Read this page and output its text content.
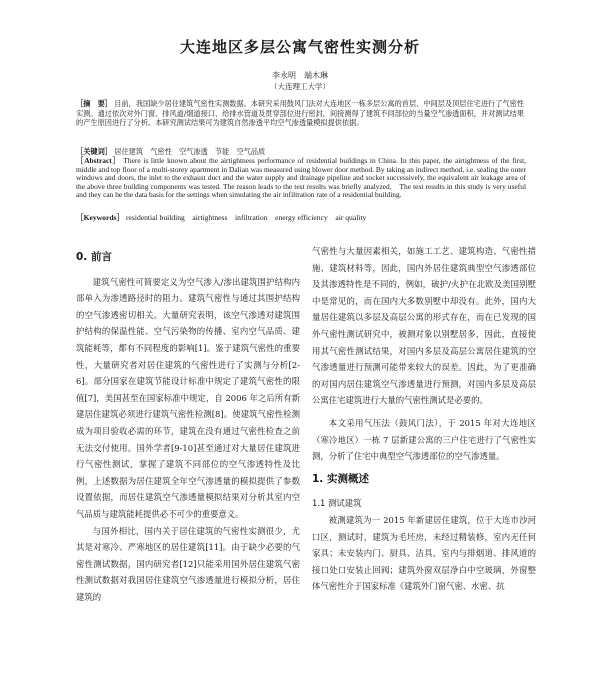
大连地区多层公寓气密性实测分析
李永明　端木琳
（大连理工大学）
［摘　要］ 目前，我国缺少居住建筑气密性实测数据。本研究采用鼓风门法对大连地区一栋多层公寓的首层、中间层及顶层住宅进行了气密性实测。通过依次对外门窗、排风道/烟道接口、给排水管道及贯穿部位进行密封，间接测得了建筑不同部位的当量空气渗透面积，并对测试结果的产生原因进行了分析。本研究测试结果可为建筑自然渗透平均空气渗透量模拟提供依据。
［关键词］ 居住建筑　气密性　空气渗透　节能　空气品质
［Abstract］ There is little known about the airtightness performance of residential buildings in China. In this paper, the airtightness of the first, middle and top floor of a multi-storey apartment in Dalian was measured using blower door method. By taking an indirect method, i.e. sealing the outer windows and doors, the inlet to the exhaust duct and the water supply and drainage pipeline and socket successively, the equivalent air leakage area of the above three building components was tested. The reason leads to the test results was briefly analyzed.　The test results in this study is very useful and they can be the data basis for the settings when simulating the air infiltration rate of a residential building.
［Keywords］ residential building　airtightness　infiltration　energy efficiency　air quality
0. 前言

建筑气密性可简要定义为空气渗入/渗出建筑围护结构内部单入为渗透路径时的阻力。建筑气密性与通过其围护结构的空气渗透密切相关。大量研究表明，该空气渗透对建筑围护结构的保温性能、空气污染物的传播、室内空气品质、建筑能耗等，都有不同程度的影响[1]。鉴于建筑气密性的重要性，大量研究者对居住建筑的气密性进行了实测与分析[2-6]。部分国家在建筑节能设计标准中规定了建筑气密性的限值[7]，美国甚至在国家标准中规定，自 2006 年之后所有新建居住建筑必须进行建筑气密性检测[8]。使建筑气密性检测成为项目验收必需的环节，建筑在没有通过气密性检查之前无法交付使用。国外学者[9-10]甚至通过对大量居住建筑进行气密性测试，掌握了建筑不同部位的空气渗透特性及比例，上述数据为居住建筑全年空气渗透量的模拟提供了参数设置依据，而居住建筑空气渗透量模拟结果对分析其室内空气品质与建筑能耗提供必不可少的重要意义。

与国外相比，国内关于居住建筑的气密性实测很少，尤其是对寒冷、严寒地区的居住建筑[11]。由于缺少必要的气密性测试数据，国内研究者[12]只能采用国外居住建筑气密性测试数据对我国居住建筑空气渗透量进行模拟分析，居住建筑的

气密性与大量因素相关，如施工工艺、建筑构造、气密性措施、建筑材料等，因此，国内外居住建筑典型空气渗透部位及其渗透特性是不同的，例如，破护/火护在北欧及美国别墅中是常见的，而在国内大多数别墅中却没有。此外，国内大量居住建筑以多层及高层公寓的形式存在，而在已发现的国外气密性测试研究中，被测对象以别墅居多，因此，直接使用其气密性测试结果，对国内多层及高层公寓居住建筑的空气渗透量进行预测可能带来较大的误差。因此，为了更准确的对国内居住建筑空气渗透量进行预测，对国内多层及高层公寓住宅建筑进行大量的气密性测试是必要的。

本文采用气压法（鼓风门法），于 2015 年对大连地区（寒冷地区）一栋 7 层新建公寓的三户住宅进行了气密性实测，分析了住宅中典型空气渗透部位的空气渗透量。

1. 实测概述
1.1 测试建筑

被测建筑为一 2015 年新建居住建筑，位于大连市沙河口区，测试时，建筑为毛坯房，未经过精装修，室内无任何家具；未安装内门、厨具、洁具，室内与排烟道、排风道的接口处口安装止回阀；建筑外窗双层净白中空玻璃，外窗整体气密性介于国家标准《建筑外门窗气密、水密、抗
